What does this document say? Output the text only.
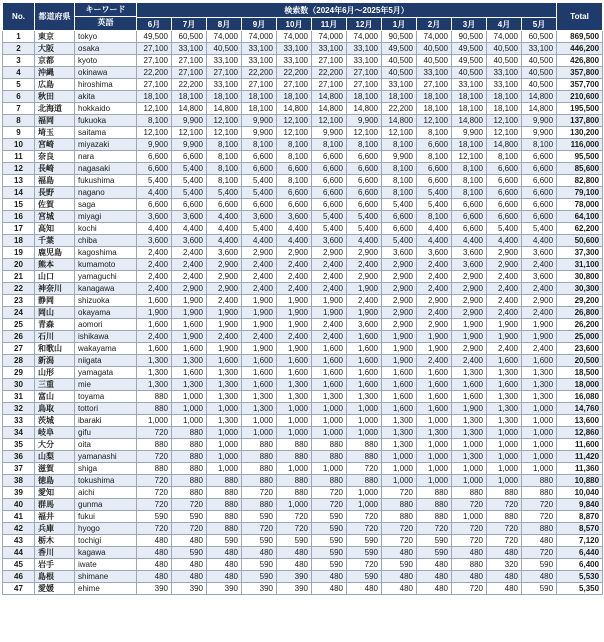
No.	都道府県	キーワード
英語	検索数（2024年6月～2025年5月）												Total
			6月	7月	8月	9月	10月	11月	12月	1月	2月	3月	4月	5月	
1	東京	tokyo	49,500	60,500	74,000	74,000	74,000	74,000	74,000	90,500	74,000	90,500	74,000	60,500	869,500
2	大阪	osaka	27,100	33,100	40,500	33,100	33,100	33,100	33,100	49,500	40,500	49,500	40,500	33,100	446,200
3	京都	kyoto	27,100	27,100	33,100	33,100	33,100	27,100	33,100	40,500	40,500	49,500	40,500	40,500	426,800
4	沖縄	okinawa	22,200	27,100	27,100	22,200	22,200	22,200	27,100	40,500	33,100	40,500	33,100	40,500	357,800
5	広島	hiroshima	27,100	22,200	33,100	27,100	27,100	27,100	27,100	33,100	27,100	33,100	33,100	40,500	357,700
6	秋田	akita	18,100	18,100	18,100	18,100	18,100	14,800	18,100	18,100	18,100	18,100	18,100	14,800	210,600
7	北海道	hokkaido	12,100	14,800	14,800	18,100	14,800	14,800	14,800	22,200	18,100	18,100	18,100	14,800	195,500
8	福岡	fukuoka	8,100	9,900	12,100	9,900	12,100	12,100	9,900	14,800	12,100	14,800	12,100	9,900	137,800
9	埼玉	saitama	12,100	12,100	12,100	9,900	12,100	9,900	12,100	12,100	8,100	9,900	12,100	9,900	130,200
10	宮崎	miyazaki	9,900	9,900	8,100	8,100	8,100	8,100	8,100	8,100	6,600	18,100	14,800	8,100	116,000
11	奈良	nara	6,600	6,600	8,100	6,600	8,100	6,600	6,600	9,900	8,100	12,100	8,100	6,600	95,500
12	長崎	nagasaki	6,600	5,400	8,100	6,600	6,600	6,600	6,600	8,100	6,600	8,100	6,600	6,600	85,600
13	福島	fukushima	5,400	5,400	8,100	5,400	8,100	6,600	6,600	8,100	6,600	8,100	6,600	6,600	82,800
14	長野	nagano	4,400	5,400	5,400	5,400	6,600	6,600	6,600	8,100	5,400	8,100	6,600	6,600	79,100
15	佐賀	saga	6,600	6,600	6,600	6,600	6,600	6,600	6,600	5,400	5,400	6,600	6,600	6,600	78,000
16	宮城	miyagi	3,600	3,600	4,400	3,600	3,600	5,400	5,400	6,600	8,100	6,600	6,600	6,600	64,100
17	高知	kochi	4,400	4,400	4,400	5,400	4,400	5,400	5,400	6,600	4,400	6,600	5,400	5,400	62,200
18	千葉	chiba	3,600	3,600	4,400	4,400	4,400	3,600	4,400	5,400	4,400	4,400	4,400	4,400	50,600
19	鹿児島	kagoshima	2,400	2,400	3,600	2,900	2,900	2,900	2,900	3,600	3,600	3,600	2,900	3,600	37,300
20	熊本	kumamoto	2,400	2,400	2,900	2,400	2,400	2,400	2,400	2,900	2,400	3,600	2,900	2,400	31,100
21	山口	yamaguchi	2,400	2,400	2,900	2,400	2,400	2,400	2,900	2,900	2,400	2,900	2,400	3,600	30,800
22	神奈川	kanagawa	2,400	2,900	2,900	2,400	2,400	2,400	1,900	2,900	2,400	2,900	2,400	2,400	30,300
23	静岡	shizuoka	1,600	1,900	2,400	1,900	1,900	1,900	2,400	2,900	2,900	2,900	2,400	2,900	29,200
24	岡山	okayama	1,900	1,900	1,900	1,900	1,900	1,900	1,900	2,900	2,400	2,900	2,400	2,400	26,800
25	青森	aomori	1,600	1,600	1,900	1,900	1,900	2,400	3,600	2,900	2,900	1,900	1,900	1,900	26,200
26	石川	ishikawa	2,400	1,900	2,400	2,400	2,400	2,400	1,600	1,900	1,900	1,900	1,900	1,900	25,000
27	和歌山	wakayama	1,600	1,600	1,900	1,900	1,900	1,600	1,600	1,900	1,900	2,900	2,400	2,400	23,600
28	新潟	niigata	1,300	1,300	1,600	1,600	1,600	1,600	1,600	1,900	2,400	2,400	1,600	1,600	20,500
29	山形	yamagata	1,300	1,600	1,300	1,600	1,600	1,600	1,600	1,600	1,600	1,300	1,300	1,300	18,500
30	三重	mie	1,300	1,300	1,300	1,600	1,300	1,600	1,600	1,600	1,600	1,600	1,600	1,300	18,000
31	富山	toyama	880	1,000	1,300	1,300	1,300	1,300	1,300	1,600	1,600	1,600	1,300	1,300	16,080
32	鳥取	tottori	880	1,000	1,000	1,300	1,000	1,000	1,000	1,600	1,600	1,900	1,300	1,000	14,760
33	茨城	ibaraki	1,000	1,000	1,300	1,000	1,000	1,000	1,000	1,300	1,000	1,300	1,300	1,000	13,600
34	岐阜	gifu	720	880	1,000	1,000	1,000	1,000	1,000	1,300	1,300	1,300	1,000	1,000	12,860
35	大分	oita	880	880	1,000	880	880	880	880	1,300	1,000	1,000	1,000	1,000	11,600
36	山梨	yamanashi	720	880	1,000	880	880	880	880	1,000	1,000	1,300	1,000	1,000	11,420
37	滋賀	shiga	880	880	1,000	880	1,000	1,000	720	1,000	1,000	1,000	1,000	1,000	11,360
38	徳島	tokushima	720	880	880	880	880	880	880	1,000	1,000	1,000	1,000	880	10,880
39	愛知	aichi	720	880	880	720	880	720	1,000	720	880	880	880	880	10,040
40	群馬	gunma	720	720	880	880	1,000	720	1,000	880	880	720	720	720	9,840
41	福井	fukui	590	590	880	590	720	590	720	880	880	1,000	880	720	8,870
42	兵庫	hyogo	720	720	880	720	720	590	720	720	720	720	720	880	8,570
43	栃木	tochigi	480	480	590	590	590	590	590	720	590	720	720	480	7,120
44	香川	kagawa	480	590	480	480	480	590	590	480	590	480	480	720	6,440
45	岩手	iwate	480	480	480	590	480	590	720	590	480	880	320	590	6,400
46	島根	shimane	480	480	480	590	390	480	590	480	480	480	480	480	5,530
47	愛媛	ehime	390	390	390	390	390	480	480	480	480	720	480	590	5,350
